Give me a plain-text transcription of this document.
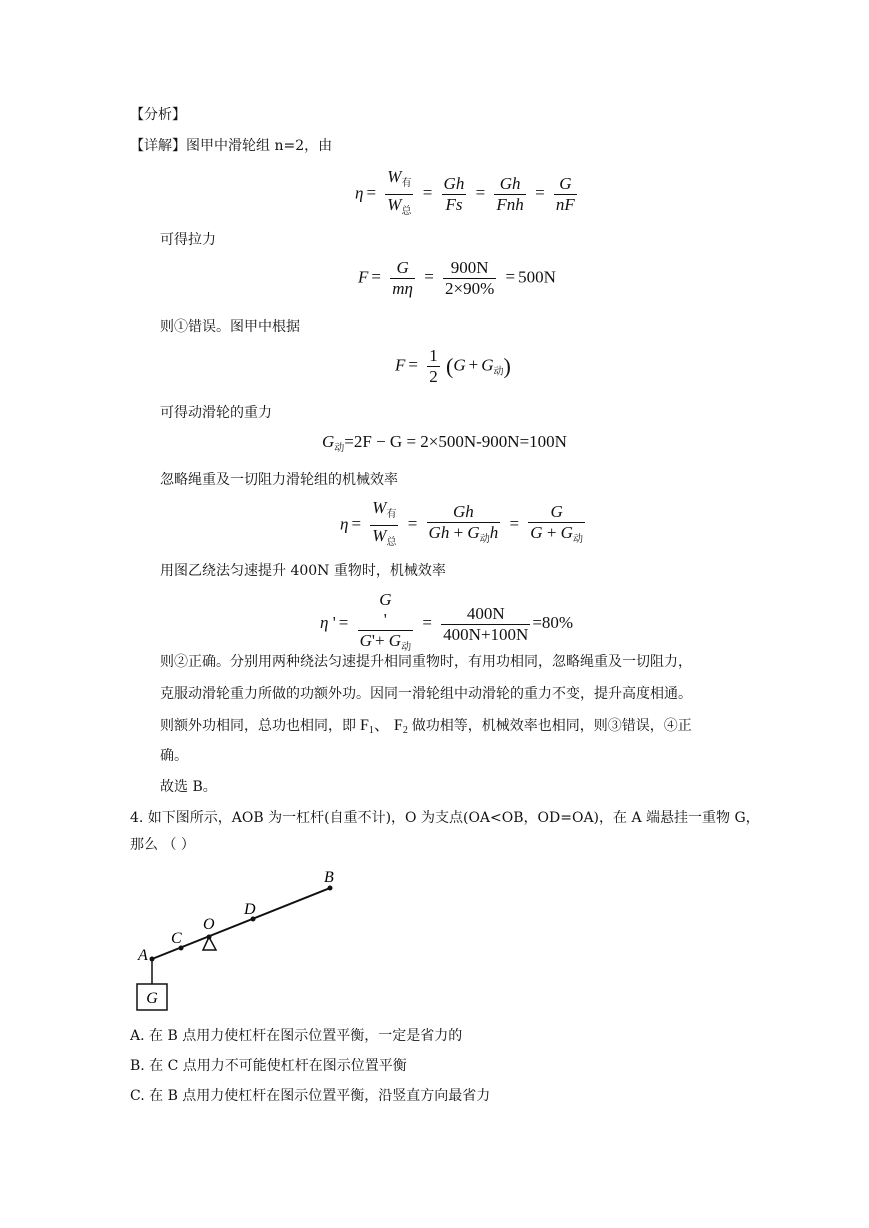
【分析】
【详解】图甲中滑轮组 n=2，由
$\eta = \frac{W_有}{W_总} = \frac{Gh}{Fs} = \frac{Gh}{\text{Fnh}} = \frac{G}{nF}$
可得拉力
$F = \frac{G}{m\eta} = \frac{900N}{2\times 90\%} = 500N$
则①错误。图甲中根据
$F = \frac{1}{2} (G + G_动)$
可得动滑轮的重力
$G_动=2F - G = 2\times 500N-900N=100N$
忽略绳重及一切阻力滑轮组的机械效率
$\eta = \frac{W_有}{W_总} = \frac{Gh}{Gh + G_动h} = \frac{G}{G + G_动}$
用图乙绕法匀速提升 400N 重物时，机械效率
η ' =
G
'
$G'+ G_动$
= $\frac{400N}{400N+100N} =80\%$
则②正确。分别用两种绕法匀速提升相同重物时，有用功相同，忽略绳重及一切阻力，
克服动滑轮重力所做的功额外功。因同一滑轮组中动滑轮的重力不变，提升高度相通。
则额外功相同，总功也相同，即 F1、 F2 做功相等，机械效率也相同，则③错误，④正
确。
故选 B。
4. 如下图所示，AOB 为一杠杆(自重不计)，O 为支点(OA<OB，OD=OA)，在 A 端悬挂一重物 G，
那么 （ ）
G
A
C
O
D
B
A. 在 B 点用力使杠杆在图示位置平衡，一定是省力的
B. 在 C 点用力不可能使杠杆在图示位置平衡
C. 在 B 点用力使杠杆在图示位置平衡，沿竖直方向最省力
